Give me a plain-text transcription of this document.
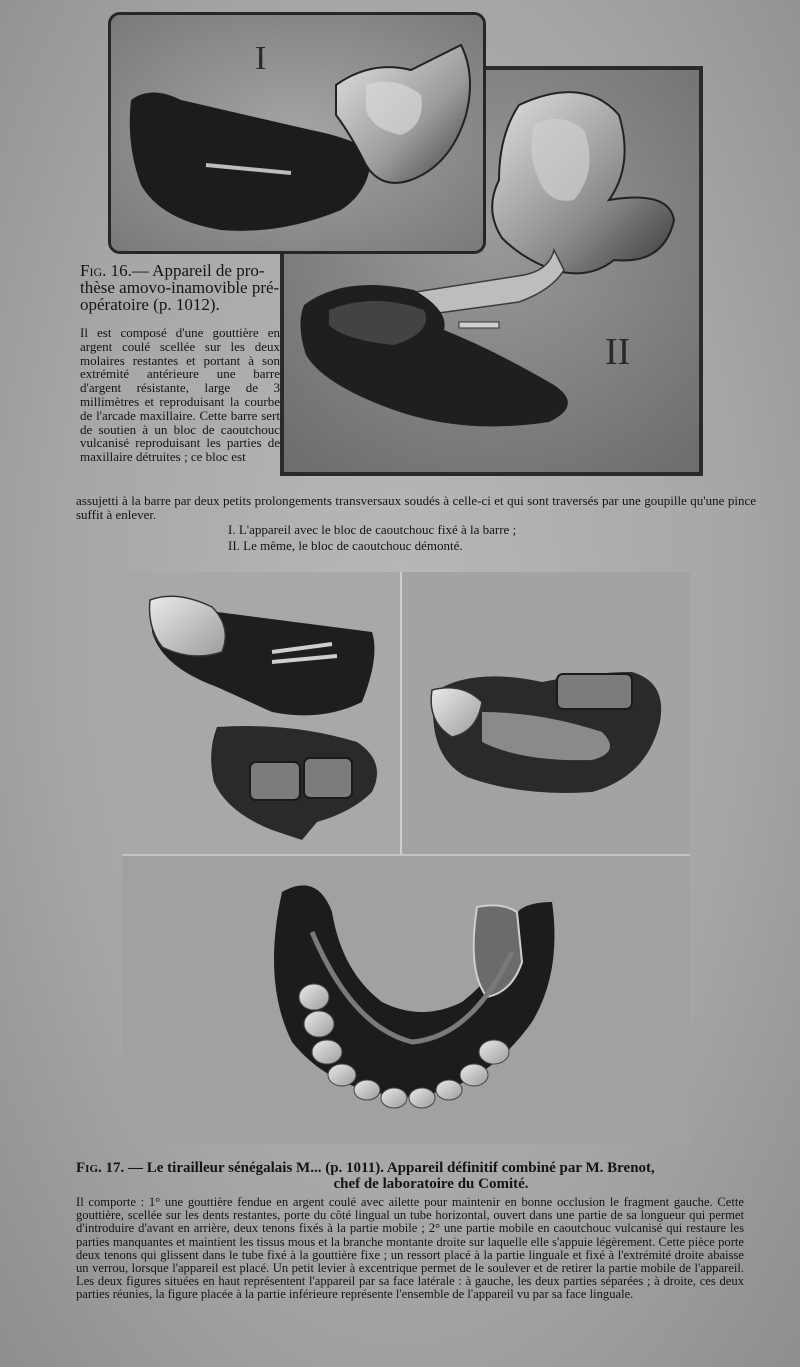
II
I

Fig. 16.— Appareil de pro-thèse amovo-inamovible pré-opératoire (p. 1012).

Il est composé d'une gouttière en argent coulé scellée sur les deux molaires restantes et portant à son extrémité antérieure une barre d'argent résistante, large de 3 millimètres et reproduisant la courbe de l'arcade maxillaire. Cette barre sert de soutien à un bloc de caoutchouc vulcanisé reproduisant les parties de maxillaire détruites ; ce bloc est

assujetti à la barre par deux petits prolongements transversaux soudés à celle-ci et qui sont traversés par une goupille qu'une pince suffit à enlever.

I. L'appareil avec le bloc de caoutchouc fixé à la barre ;
II. Le même, le bloc de caoutchouc démonté.
Fig. 17. — Le tirailleur sénégalais M... (p. 1011). Appareil définitif combiné par M. Brenot,
chef de laboratoire du Comité.

Il comporte : 1° une gouttière fendue en argent coulé avec ailette pour maintenir en bonne occlusion le fragment gauche. Cette gouttière, scellée sur les dents restantes, porte du côté lingual un tube horizontal, ouvert dans une partie de sa longueur qui permet d'introduire d'avant en arrière, deux tenons fixés à la partie mobile ; 2° une partie mobile en caoutchouc vulcanisé qui restaure les parties manquantes et maintient les tissus mous et la branche montante droite sur laquelle elle s'appuie légèrement. Cette pièce porte deux tenons qui glissent dans le tube fixé à la gouttière fixe ; un ressort placé à la partie linguale et fixé à l'extrémité droite abaisse un verrou, lorsque l'appareil est placé. Un petit levier à excentrique permet de le soulever et de retirer la partie mobile de l'appareil. Les deux figures situées en haut représentent l'appareil par sa face latérale : à gauche, les deux parties séparées ; à droite, ces deux parties réunies, la figure placée à la partie inférieure représente l'ensemble de l'appareil vu par sa face linguale.
